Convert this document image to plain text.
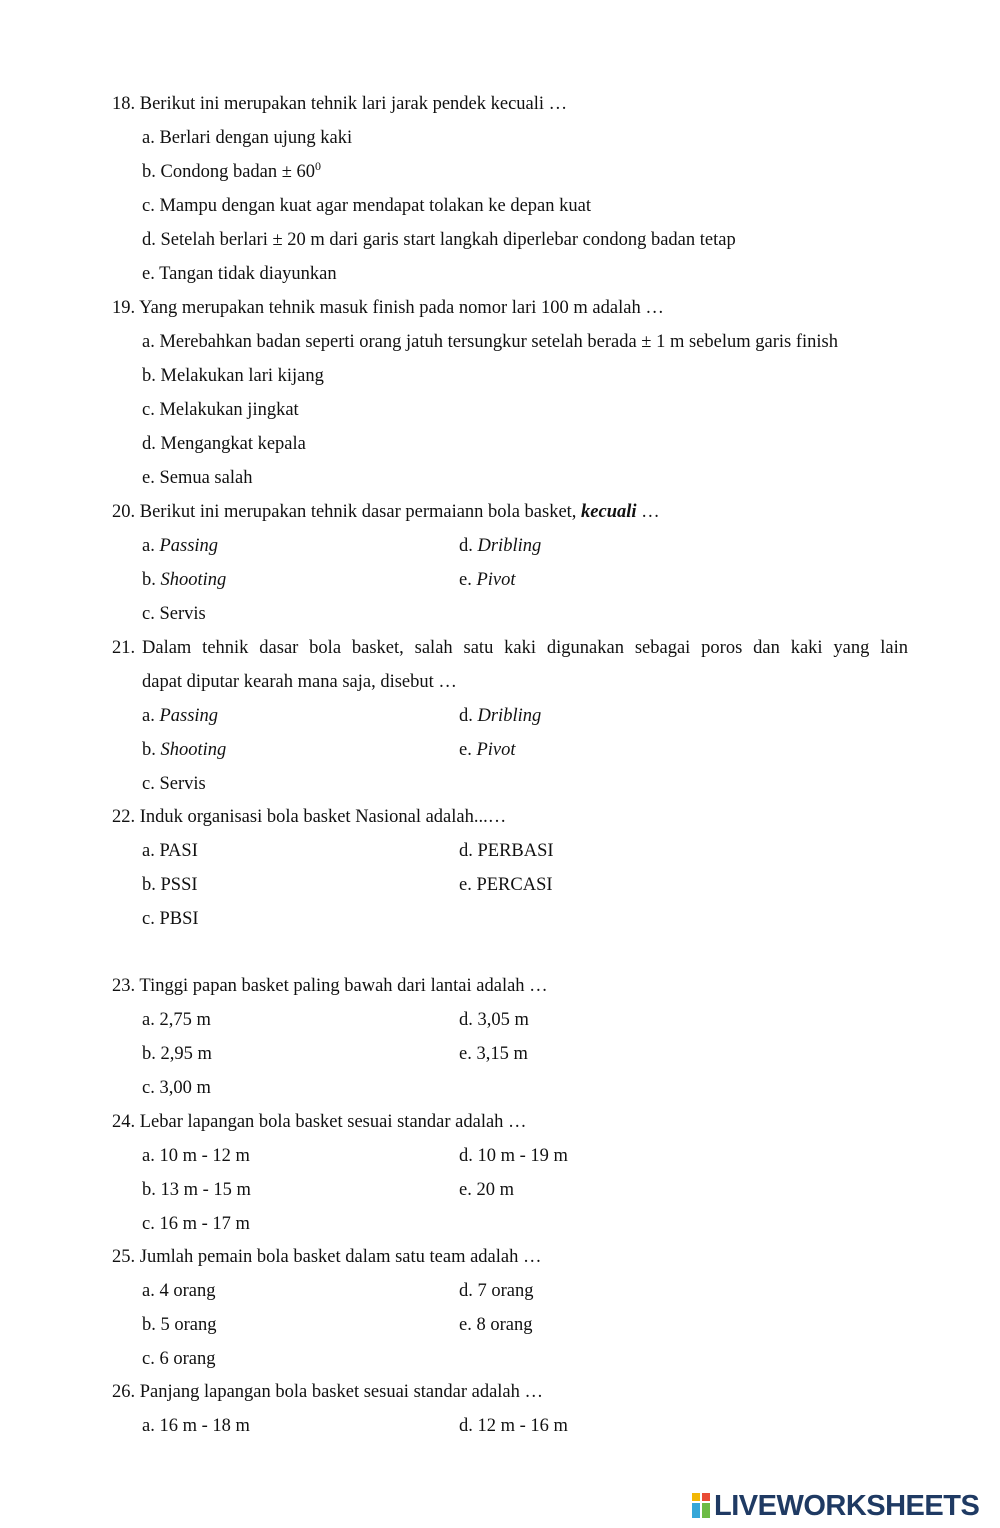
18. Berikut ini merupakan tehnik lari jarak pendek kecuali …
a. Berlari dengan ujung kaki
b. Condong badan ± $60^0$
c. Mampu dengan kuat agar mendapat tolakan ke depan kuat
d. Setelah berlari ± 20 m dari garis start langkah diperlebar condong badan tetap
e. Tangan tidak diayunkan
19. Yang merupakan tehnik masuk finish pada nomor lari 100 m adalah …
a. Merebahkan badan seperti orang jatuh tersungkur setelah berada ± 1 m sebelum garis finish
b. Melakukan lari kijang
c. Melakukan jingkat
d. Mengangkat kepala
e. Semua salah
20. Berikut ini merupakan tehnik dasar permaiann bola basket, kecuali …
a. Passing	d. Dribling
b. Shooting	e. Pivot
c. Servis
21. Dalam tehnik dasar bola basket, salah satu kaki digunakan sebagai poros dan kaki yang lain
dapat diputar kearah mana saja, disebut …
a. Passing	d. Dribling
b. Shooting	e. Pivot
c. Servis
22. Induk organisasi bola basket Nasional adalah...…
a. PASI	d. PERBASI
b. PSSI	e. PERCASI
c. PBSI
23. Tinggi papan basket paling bawah dari lantai adalah …
a. 2,75 m	d. 3,05 m
b. 2,95 m	e. 3,15 m
c. 3,00 m
24. Lebar lapangan bola basket sesuai standar adalah …
a. 10 m - 12 m	d. 10 m - 19 m
b. 13 m - 15 m	e. 20 m
c. 16 m - 17 m
25. Jumlah pemain bola basket dalam satu team adalah …
a. 4 orang	d. 7 orang
b. 5 orang	e. 8 orang
c. 6 orang
26. Panjang lapangan bola basket sesuai standar adalah …
a. 16 m - 18 m	d. 12 m - 16 m
LIVEWORKSHEETS
